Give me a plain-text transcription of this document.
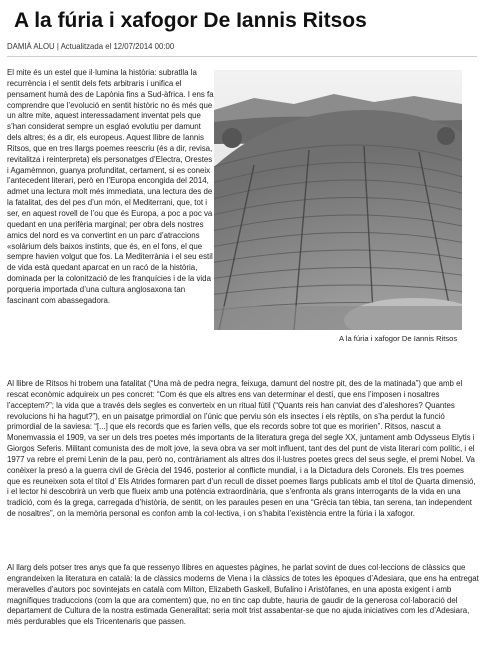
A la fúria i xafogor De Iannis Ritsos
DAMIÀ ALOU | Actualitzada el 12/07/2014 00:00

El mite és un estel que il·lumina la història: subratlla la recurrència i el sentit dels fets arbitraris i unifica el pensament humà des de Lapònia fins a Sud-àfrica. I ens fa comprendre que l’evolució en sentit històric no és més que un altre mite, aquest interessadament inventat pels que s’han considerat sempre un esglaó evolutiu per damunt dels altres; és a dir, els europeus. Aquest llibre de Iannis Ritsos, que en tres llargs poemes reescriu (és a dir, revisa, revitalitza i reinterpreta) els personatges d’Electra, Orestes i Agamèmnon, guanya profunditat, certament, si es coneix l’antecedent literari, però en l’Europa encongida del 2014, admet una lectura molt més immediata, una lectura des de la fatalitat, des del pes d’un món, el Mediterrani, que, tot i ser, en aquest rovell de l’ou que és Europa, a poc a poc va quedant en una perifèria marginal; per obra dels nostres amics del nord es va convertint en un parc d’atraccions «solàrium dels baixos instints, que és, en el fons, el que sempre havien volgut que fos. La Mediterrània i el seu estil de vida està quedant aparcat en un racó de la història, dominada per la colonització de les franquícies i de la vida porqueria importada d’una cultura anglosaxona tan fascinant com abassegadora.

A la fúria i xafogor De Iannis Ritsos

Al llibre de Ritsos hi trobem una fatalitat (“Una mà de pedra negra, feixuga, damunt del nostre pit, des de la matinada”) que amb el rescat econòmic adquireix un pes concret: “Com és que els altres ens van determinar el destí, que ens l’imposen i nosaltres l’acceptem?”; la vida que a través dels segles es converteix en un ritual fútil (“Quants reis han canviat des d’aleshores? Quantes revolucions hi ha hagut?”), en un paisatge primordial on l’únic que perviu són els insectes i els rèptils, on s’ha perdut la funció primordial de la saviesa: “[...] que els records que es farien vells, que els records sobre tot que es moririen”. Ritsos, nascut a Monemvassia el 1909, va ser un dels tres poetes més importants de la literatura grega del segle XX, juntament amb Odysseus Elytis i Giorgos Seferis. Militant comunista des de molt jove, la seva obra va ser molt influent, tant des del punt de vista literari com polític, i el 1977 va rebre el premi Lenin de la pau, però no, contràriament als altres dos il·lustres poetes grecs del seus segle, el premi Nobel. Va conèixer la presó a la guerra civil de Grècia del 1946, posterior al conflicte mundial, i a la Dictadura dels Coronels. Els tres poemes que es reuneixen sota el títol d’ Els Atrides formaren part d’un recull de disset poemes llargs publicats amb el títol de Quarta dimensió, i el lector hi descobrirà un verb que flueix amb una potència extraordinària, que s’enfronta als grans interrogants de la vida en una tradició, com és la grega, carregada d’història, de sentit, on les paraules pesen en una “Grècia tan tèbia, tan serena, tan independent de nosaltres”, on la memòria personal es confon amb la col·lectiva, i on s’habita l’existència entre la fúria i la xafogor.

Al llarg dels potser tres anys que fa que ressenyo llibres en aquestes pàgines, he parlat sovint de dues col·leccions de clàssics que engrandeixen la literatura en català: la de clàssics moderns de Viena i la clàssics de totes les èpoques d’Adesiara, que ens ha entregat meravelles d’autors poc sovintejats en català com Milton, Elizabeth Gaskell, Bufalino i Aristòfanes, en una aposta exigent i amb magnífiques traduccions (com la que ara comentem) que, no en tinc cap dubte, hauria de gaudir de la generosa col·laboració del departament de Cultura de la nostra estimada Generalitat: seria molt trist assabentar-se que no ajuda iniciatives com les d’Adesiara, més perdurables que els Tricentenaris que passen.
